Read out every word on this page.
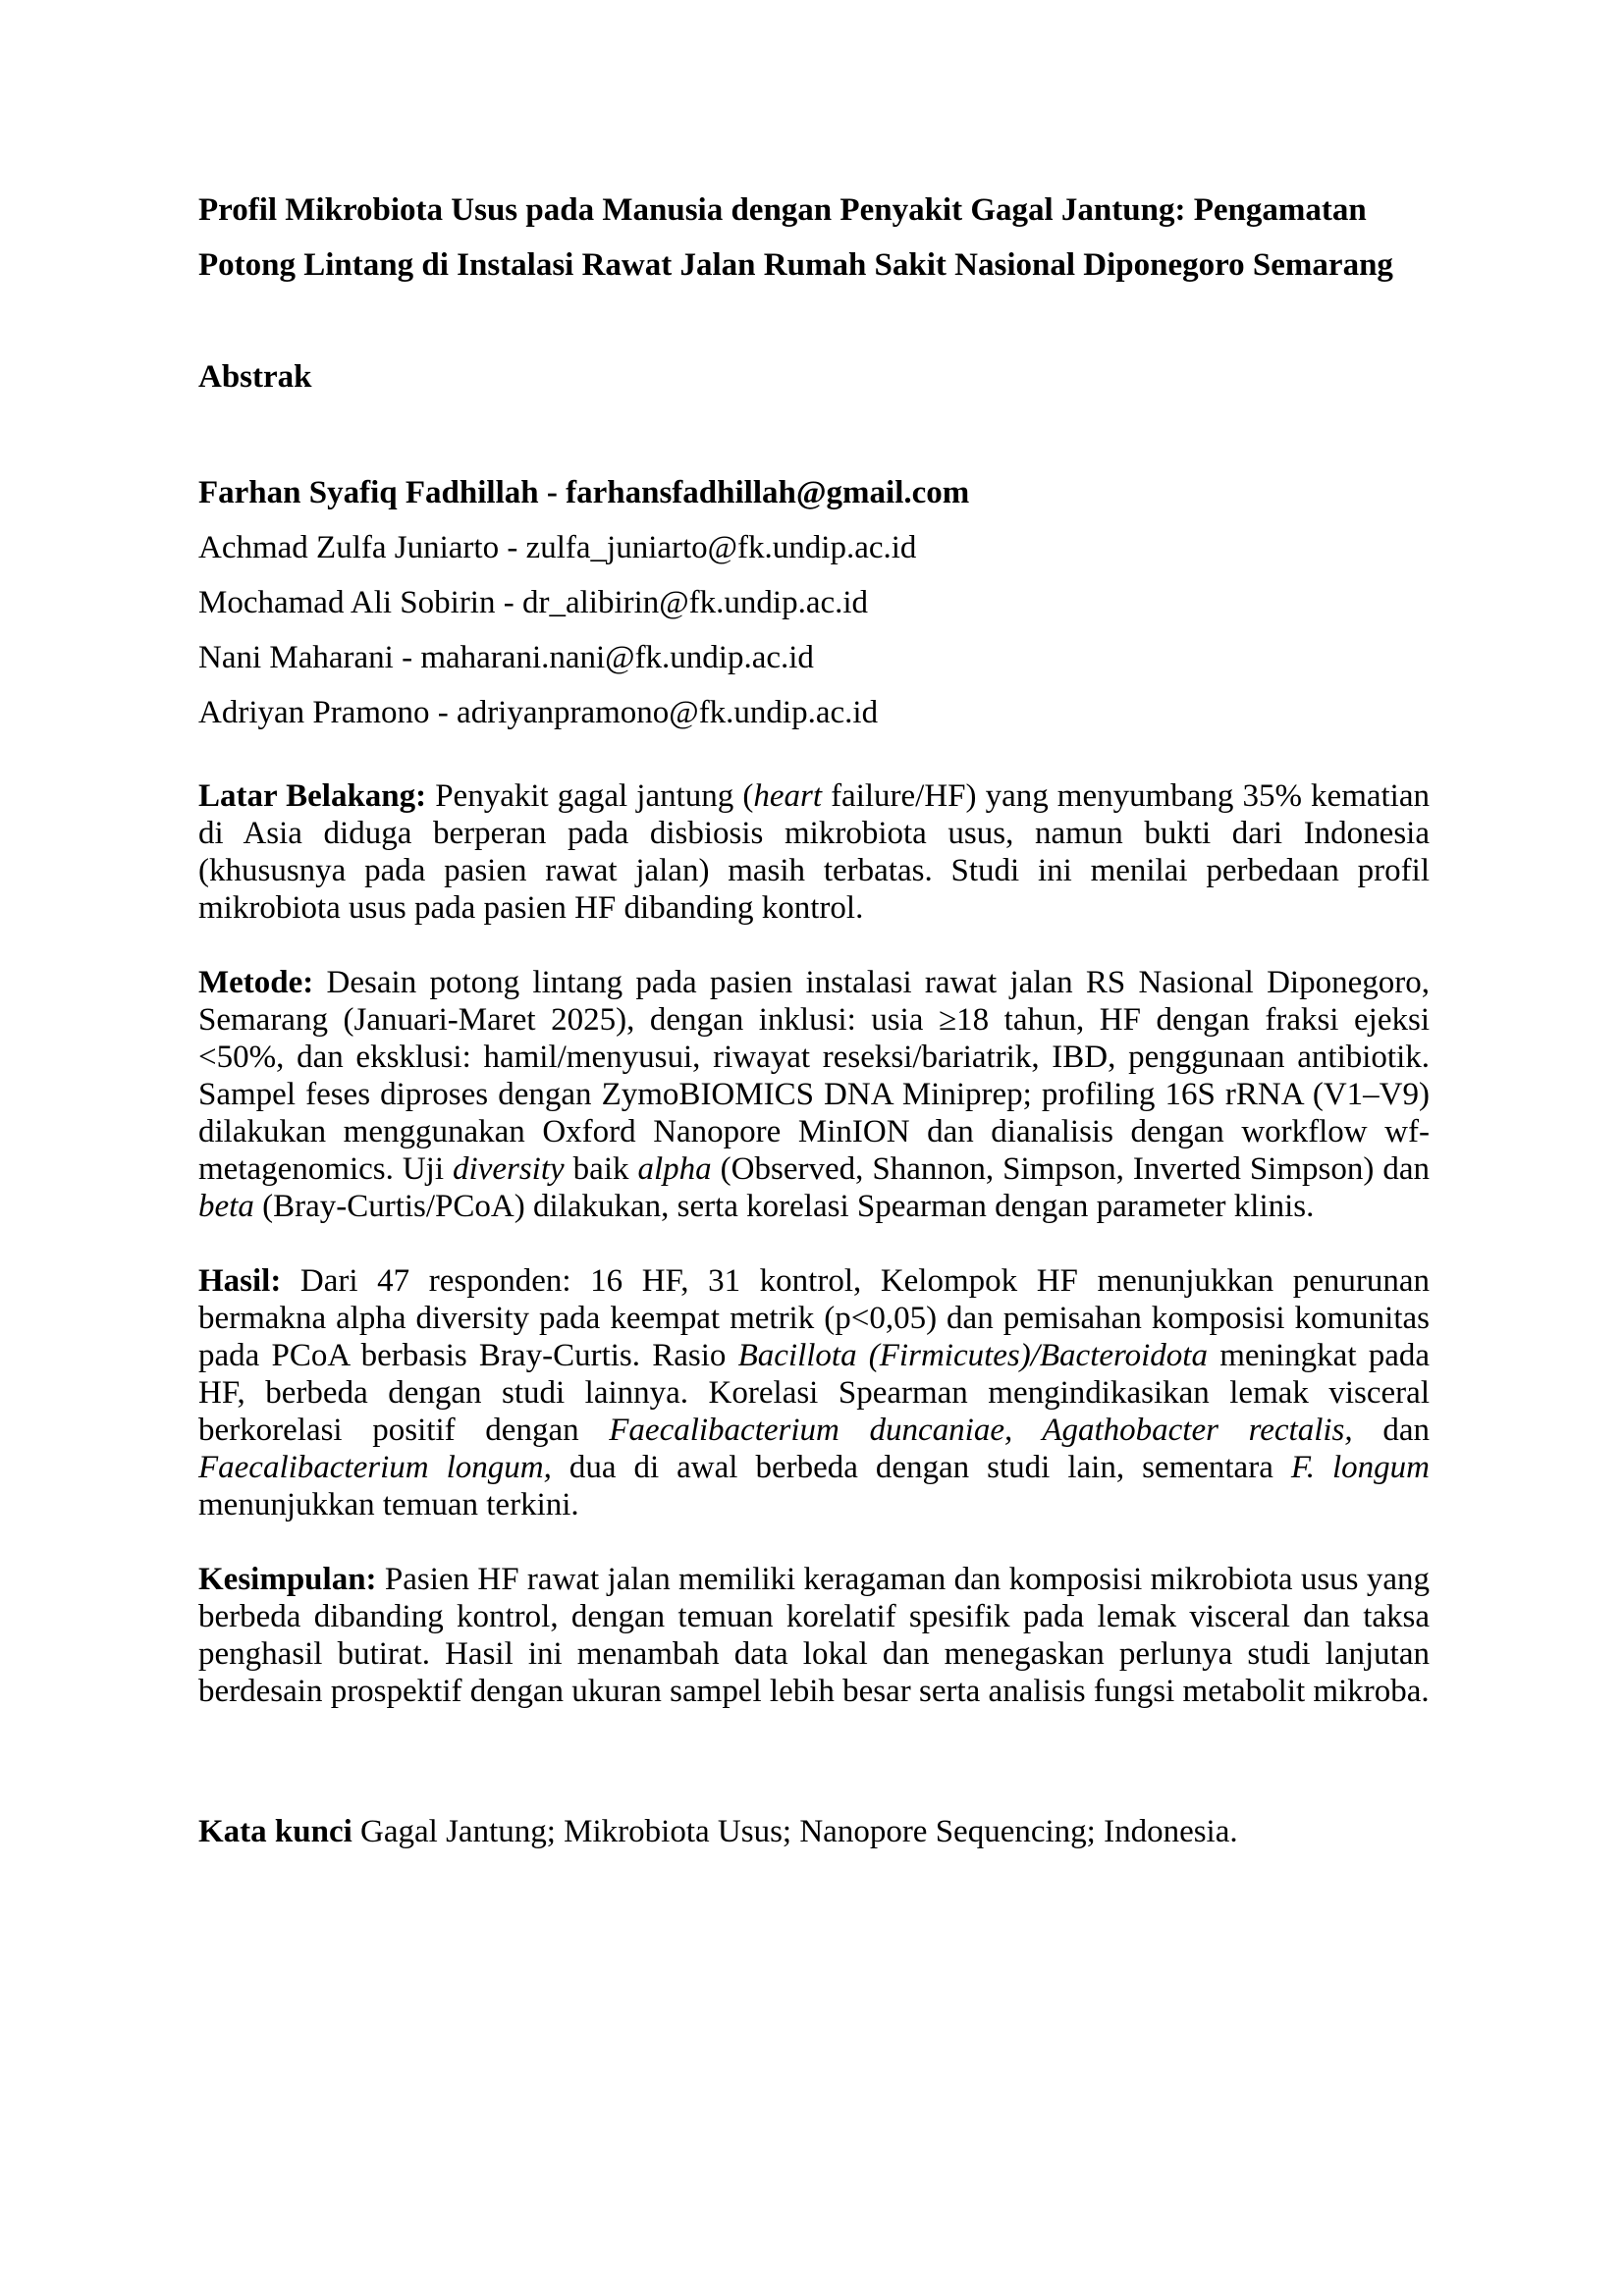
Profil Mikrobiota Usus pada Manusia dengan Penyakit Gagal Jantung: Pengamatan
Potong Lintang di Instalasi Rawat Jalan Rumah Sakit Nasional Diponegoro Semarang
Abstrak

Farhan Syafiq Fadhillah - farhansfadhillah@gmail.com

Achmad Zulfa Juniarto - zulfa_juniarto@fk.undip.ac.id

Mochamad Ali Sobirin - dr_alibirin@fk.undip.ac.id

Nani Maharani - maharani.nani@fk.undip.ac.id

Adriyan Pramono - adriyanpramono@fk.undip.ac.id

Latar Belakang: Penyakit gagal jantung (heart failure/HF) yang menyumbang 35% kematian di Asia diduga berperan pada disbiosis mikrobiota usus, namun bukti dari Indonesia (khususnya pada pasien rawat jalan) masih terbatas. Studi ini menilai perbedaan profil mikrobiota usus pada pasien HF dibanding kontrol.

Metode: Desain potong lintang pada pasien instalasi rawat jalan RS Nasional Diponegoro, Semarang (Januari-Maret 2025), dengan inklusi: usia ≥18 tahun, HF dengan fraksi ejeksi <50%, dan eksklusi: hamil/menyusui, riwayat reseksi/bariatrik, IBD, penggunaan antibiotik. Sampel feses diproses dengan ZymoBIOMICS DNA Miniprep; profiling 16S rRNA (V1–V9) dilakukan menggunakan Oxford Nanopore MinION dan dianalisis dengan workflow wf-metagenomics. Uji diversity baik alpha (Observed, Shannon, Simpson, Inverted Simpson) dan beta (Bray-Curtis/PCoA) dilakukan, serta korelasi Spearman dengan parameter klinis.

Hasil: Dari 47 responden: 16 HF, 31 kontrol, Kelompok HF menunjukkan penurunan bermakna alpha diversity pada keempat metrik (p<0,05) dan pemisahan komposisi komunitas pada PCoA berbasis Bray-Curtis. Rasio Bacillota (Firmicutes)/Bacteroidota meningkat pada HF, berbeda dengan studi lainnya. Korelasi Spearman mengindikasikan lemak visceral berkorelasi positif dengan Faecalibacterium duncaniae, Agathobacter rectalis, dan Faecalibacterium longum, dua di awal berbeda dengan studi lain, sementara F. longum menunjukkan temuan terkini.

Kesimpulan: Pasien HF rawat jalan memiliki keragaman dan komposisi mikrobiota usus yang berbeda dibanding kontrol, dengan temuan korelatif spesifik pada lemak visceral dan taksa penghasil butirat. Hasil ini menambah data lokal dan menegaskan perlunya studi lanjutan berdesain prospektif dengan ukuran sampel lebih besar serta analisis fungsi metabolit mikroba.

Kata kunci Gagal Jantung; Mikrobiota Usus; Nanopore Sequencing; Indonesia.
